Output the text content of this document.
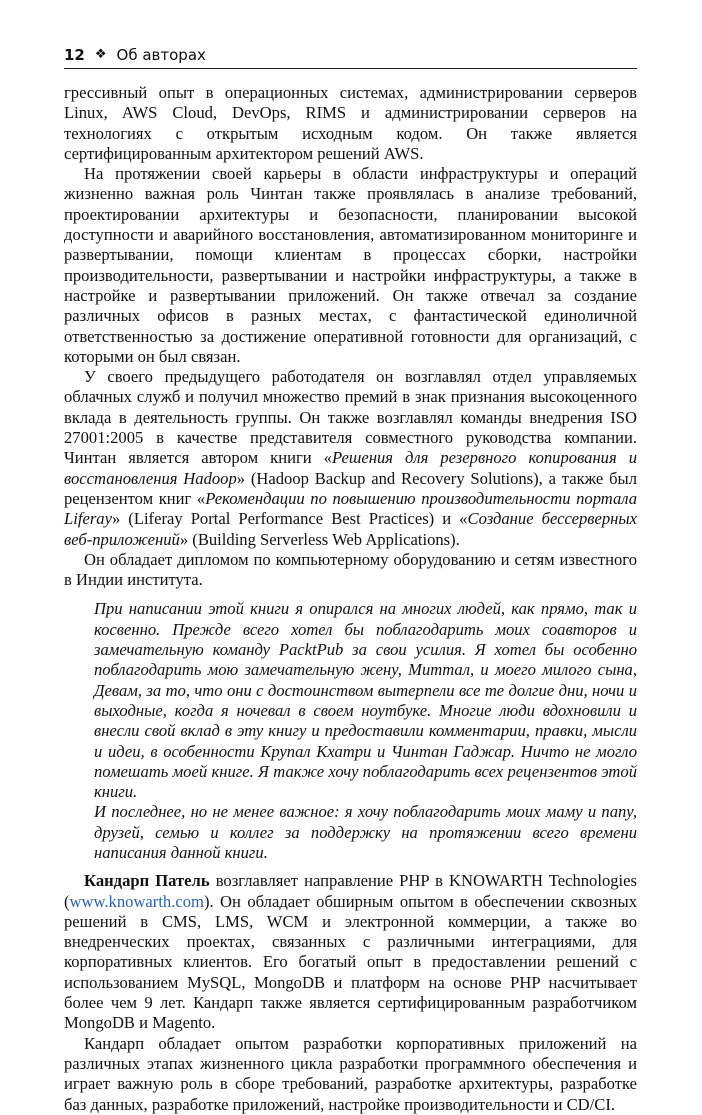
12 ❖ Об авторах

грессивный опыт в операционных системах, администрировании серверов Linux, AWS Cloud, DevOps, RIMS и администрировании серверов на технологиях с открытым исходным кодом. Он также является сертифицированным архитектором решений AWS.

На протяжении своей карьеры в области инфраструктуры и операций жизненно важная роль Чинтан также проявлялась в анализе требований, проектировании архитектуры и безопасности, планировании высокой доступности и аварийного восстановления, автоматизированном мониторинге и развертывании, помощи клиентам в процессах сборки, настройки производительности, развертывании и настройки инфраструктуры, а также в настройке и развертывании приложений. Он также отвечал за создание различных офисов в разных местах, с фантастической единоличной ответственностью за достижение оперативной готовности для организаций, с которыми он был связан.

У своего предыдущего работодателя он возглавлял отдел управляемых облачных служб и получил множество премий в знак признания высокоценного вклада в деятельность группы. Он также возглавлял команды внедрения ISO 27001:2005 в качестве представителя совместного руководства компании. Чинтан является автором книги «Решения для резервного копирования и восстановления Hadoop» (Hadoop Backup and Recovery Solutions), а также был рецензентом книг «Рекомендации по повышению производительности портала Liferay» (Liferay Portal Performance Best Practices) и «Создание бессерверных веб-приложений» (Building Serverless Web Applications).

Он обладает дипломом по компьютерному оборудованию и сетям известного в Индии института.

При написании этой книги я опирался на многих людей, как прямо, так и косвенно. Прежде всего хотел бы поблагодарить моих соавторов и замечательную команду PacktPub за свои усилия. Я хотел бы особенно поблагодарить мою замечательную жену, Миттал, и моего милого сына, Девам, за то, что они с достоинством вытерпели все те долгие дни, ночи и выходные, когда я ночевал в своем ноутбуке. Многие люди вдохновили и внесли свой вклад в эту книгу и предоставили комментарии, правки, мысли и идеи, в особенности Крупал Кхатри и Чинтан Гаджар. Ничто не могло помешать моей книге. Я также хочу поблагодарить всех рецензентов этой книги.

И последнее, но не менее важное: я хочу поблагодарить моих маму и папу, друзей, семью и коллег за поддержку на протяжении всего времени написания данной книги.

Кандарп Патель возглавляет направление PHP в KNOWARTH Technologies (www.knowarth.com). Он обладает обширным опытом в обеспечении сквозных решений в CMS, LMS, WCM и электронной коммерции, а также во внедренческих проектах, связанных с различными интеграциями, для корпоративных клиентов. Его богатый опыт в предоставлении решений с использованием MySQL, MongoDB и платформ на основе PHP насчитывает более чем 9 лет. Кандарп также является сертифицированным разработчиком MongoDB и Magento.

Кандарп обладает опытом разработки корпоративных приложений на различных этапах жизненного цикла разработки программного обеспечения и играет важную роль в сборе требований, разработке архитектуры, разработке баз данных, разработке приложений, настройке производительности и CD/CI.
